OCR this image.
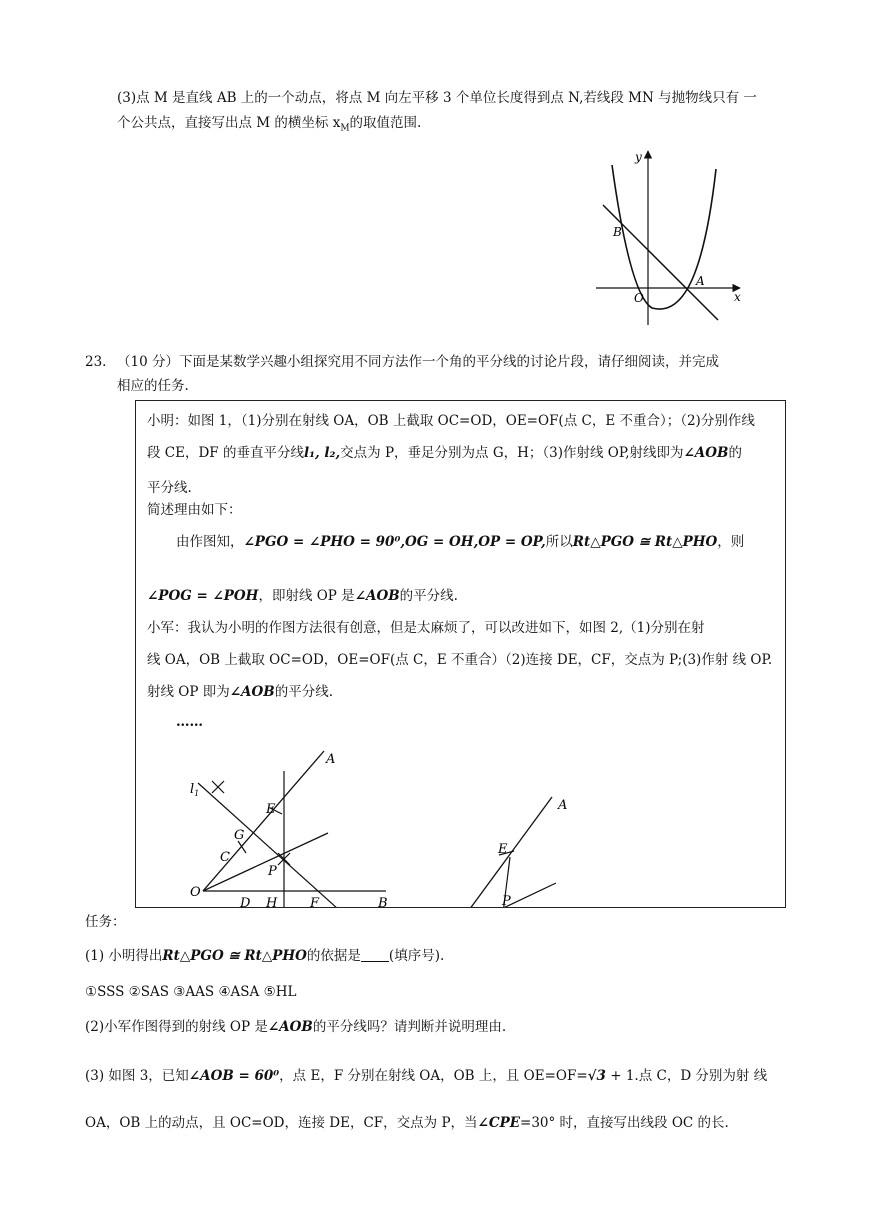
(3)点 M 是直线 AB 上的一个动点，将点 M 向左平移 3 个单位长度得到点 N,若线段 MN 与抛物线只有 一
个公共点，直接写出点 M 的横坐标 $x_M$的取值范围.
y
x
B
A
O
23. （10 分）下面是某数学兴趣小组探究用不同方法作一个角的平分线的讨论片段，请仔细阅读，并完成
相应的任务.
小明：如图 1，（1)分别在射线 OA，OB 上截取 OC=OD，OE=OF(点 C，E 不重合）；（2)分别作线
段 CE，DF 的垂直平分线l₁, l₂,交点为 P，垂足分别为点 G，H；（3)作射线 OP,射线即为∠AOB的
平分线.
简述理由如下：
由作图知，∠PGO = ∠PHO = 90⁰,OG = OH,OP = OP,所以Rt△PGO ≅ Rt△PHO，则
∠POG = ∠POH，即射线 OP 是∠AOB的平分线.
小军：我认为小明的作图方法很有创意，但是太麻烦了，可以改进如下，如图 2,（1)分别在射
线 OA，OB 上截取 OC=OD，OE=OF(点 C，E 不重合）（2)连接 DE，CF，交点为 P;(3)作射 线 OP.
射线 OP 即为∠AOB的平分线.
……
A
$l_1$
E
G
C
P
O
D H	F	B
A
E
P
任务：
(1) 小明得出Rt△PGO ≅ Rt△PHO的依据是 (填序号).
①SSS ②SAS ③AAS ④ASA ⑤HL
(2)小军作图得到的射线 OP 是∠AOB的平分线吗？请判断并说明理由.
(3) 如图 3，已知∠AOB = 60⁰，点 E，F 分别在射线 OA，OB 上，且 OE=OF=√3 + 1.点 C，D 分别为射 线
OA，OB 上的动点，且 OC=OD，连接 DE，CF，交点为 P，当∠CPE=30° 时，直接写出线段 OC 的长.
